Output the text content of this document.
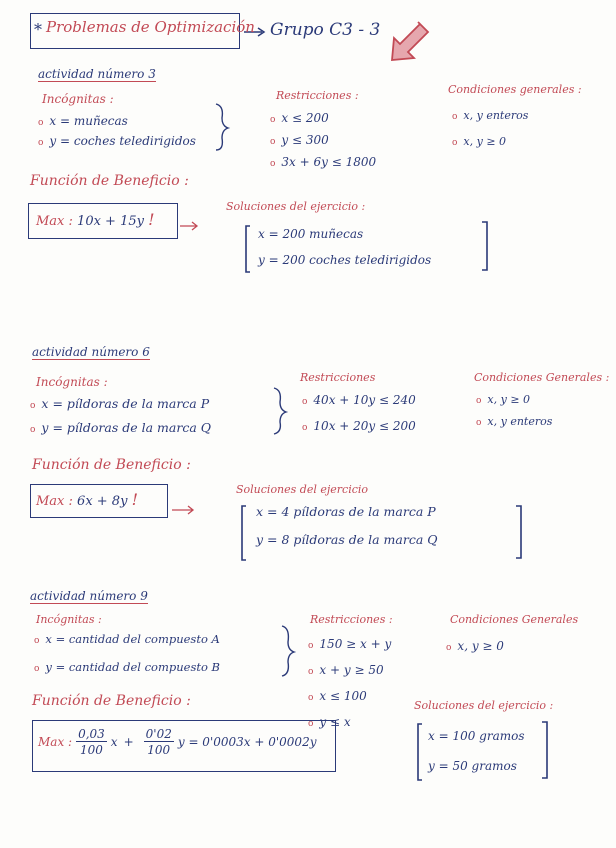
* Problemas de Optimización Grupo C3 - 3
actividad número 3
Incógnitas :
o x = muñecas
o y = coches teledirigidos
Restricciones :
o x ≤ 200
o y ≤ 300
o 3x + 6y ≤ 1800
Condiciones generales :
o x, y enteros
o x, y ≥ 0
Función de Beneficio :
Max : 10x + 15y !
Soluciones del ejercicio :
x = 200 muñecas
y = 200 coches teledirigidos
actividad número 6
Incógnitas :
o x = píldoras de la marca P
o y = píldoras de la marca Q
Restricciones
o 40x + 10y ≤ 240
o 10x + 20y ≤ 200
Condiciones Generales :
o x, y ≥ 0
o x, y enteros
Función de Beneficio :
Max : 6x + 8y !
Soluciones del ejercicio
x = 4 píldoras de la marca P
y = 8 píldoras de la marca Q
actividad número 9
Incógnitas :
o x = cantidad del compuesto A
o y = cantidad del compuesto B
Restricciones :
o 150 ≥ x + y
o x + y ≥ 50
o x ≤ 100
o y ≤ x
Condiciones Generales
o x, y ≥ 0
Función de Beneficio :
Max : $\frac{0,03}{100}$ $x + \frac{0'02}{100}$ y = 0'0003x + 0'0002y
Soluciones del ejercicio :
x = 100 gramos
y = 50 gramos
